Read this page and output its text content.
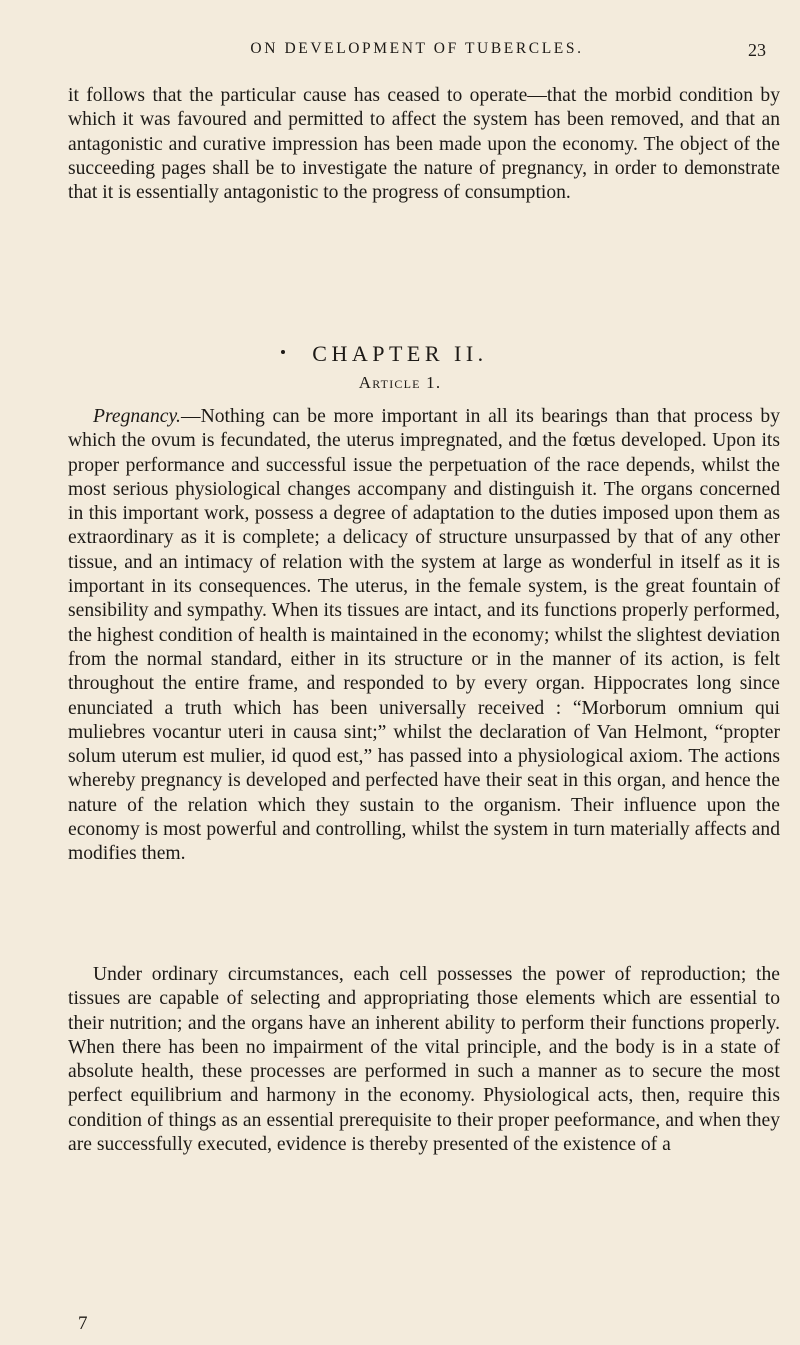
ON DEVELOPMENT OF TUBERCLES.	23

it follows that the particular cause has ceased to operate—that the morbid condition by which it was favoured and permitted to affect the system has been removed, and that an antagonistic and curative impression has been made upon the economy. The object of the succeeding pages shall be to investigate the nature of pregnancy, in order to demonstrate that it is essentially antagonistic to the progress of consumption.

CHAPTER II.
Article 1.

Pregnancy.—Nothing can be more important in all its bearings than that process by which the ovum is fecundated, the uterus impregnated, and the fœtus developed. Upon its proper performance and successful issue the perpetuation of the race depends, whilst the most serious physiological changes accompany and distinguish it. The organs concerned in this important work, possess a degree of adaptation to the duties imposed upon them as extraordinary as it is complete; a delicacy of structure unsurpassed by that of any other tissue, and an intimacy of relation with the system at large as wonderful in itself as it is important in its consequences. The uterus, in the female system, is the great fountain of sensibility and sympathy. When its tissues are intact, and its functions properly performed, the highest condition of health is maintained in the economy; whilst the slightest deviation from the normal standard, either in its structure or in the manner of its action, is felt throughout the entire frame, and responded to by every organ. Hippocrates long since enunciated a truth which has been universally received : “Morborum omnium qui muliebres vocantur uteri in causa sint;” whilst the declaration of Van Helmont, “propter solum uterum est mulier, id quod est,” has passed into a physiological axiom. The actions whereby pregnancy is developed and perfected have their seat in this organ, and hence the nature of the relation which they sustain to the organism. Their influence upon the economy is most powerful and controlling, whilst the system in turn materially affects and modifies them.

Under ordinary circumstances, each cell possesses the power of reproduction; the tissues are capable of selecting and appropriating those elements which are essential to their nutrition; and the organs have an inherent ability to perform their functions properly. When there has been no impairment of the vital principle, and the body is in a state of absolute health, these processes are performed in such a manner as to secure the most perfect equilibrium and harmony in the economy. Physiological acts, then, require this condition of things as an essential prerequisite to their proper peeformance, and when they are successfully executed, evidence is thereby presented of the existence of a

7
